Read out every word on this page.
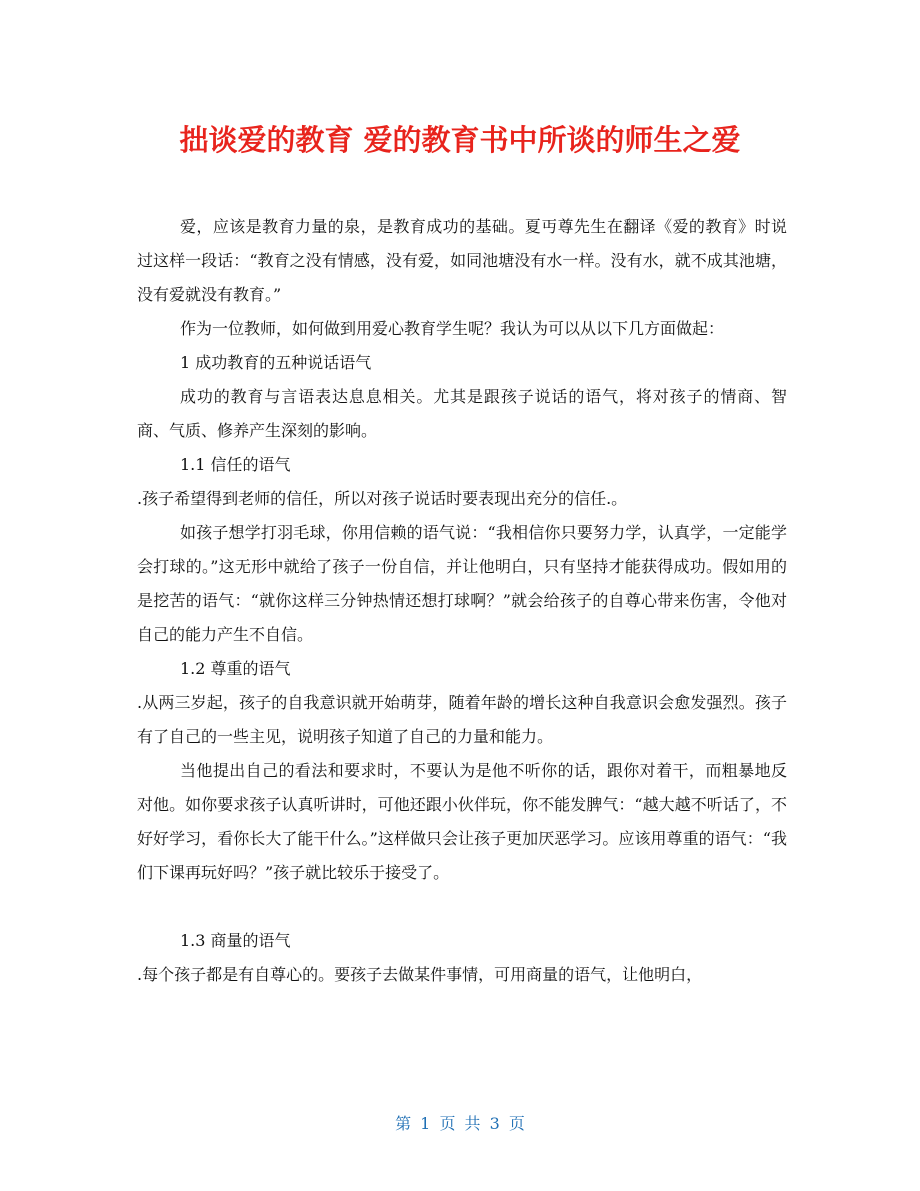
拙谈爱的教育 爱的教育书中所谈的师生之爱

爱，应该是教育力量的泉，是教育成功的基础。夏丏尊先生在翻译《爱的教育》时说过这样一段话：“教育之没有情感，没有爱，如同池塘没有水一样。没有水，就不成其池塘，没有爱就没有教育。”

作为一位教师，如何做到用爱心教育学生呢？我认为可以从以下几方面做起：

1 成功教育的五种说话语气

成功的教育与言语表达息息相关。尤其是跟孩子说话的语气，将对孩子的情商、智商、气质、修养产生深刻的影响。

1.1 信任的语气

.孩子希望得到老师的信任，所以对孩子说话时要表现出充分的信任.。

如孩子想学打羽毛球，你用信赖的语气说：“我相信你只要努力学，认真学，一定能学会打球的。”这无形中就给了孩子一份自信，并让他明白，只有坚持才能获得成功。假如用的是挖苦的语气：“就你这样三分钟热情还想打球啊？”就会给孩子的自尊心带来伤害，令他对自己的能力产生不自信。

1.2 尊重的语气

.从两三岁起，孩子的自我意识就开始萌芽，随着年龄的增长这种自我意识会愈发强烈。孩子有了自己的一些主见，说明孩子知道了自己的力量和能力。

当他提出自己的看法和要求时，不要认为是他不听你的话，跟你对着干，而粗暴地反对他。如你要求孩子认真听讲时，可他还跟小伙伴玩，你不能发脾气：“越大越不听话了，不好好学习，看你长大了能干什么。”这样做只会让孩子更加厌恶学习。应该用尊重的语气：“我们下课再玩好吗？”孩子就比较乐于接受了。

1.3 商量的语气

.每个孩子都是有自尊心的。要孩子去做某件事情，可用商量的语气，让他明白，

第 1 页 共 3 页
